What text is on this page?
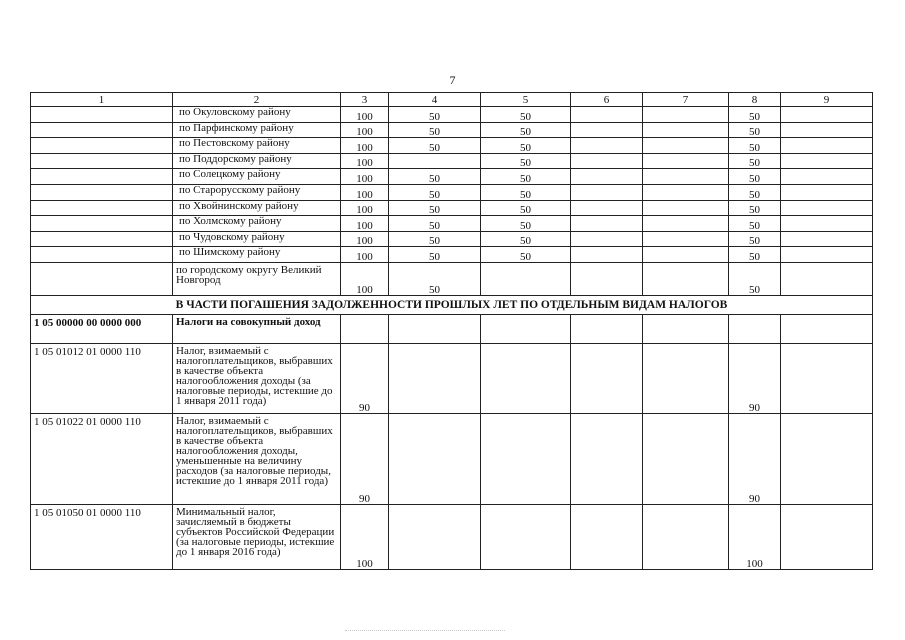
7
1	2	3	4	5	6	7	8	9
	по Окуловскому району	100	50	50			50	
	по Парфинскому району	100	50	50			50	
	по Пестовскому району	100	50	50			50	
	по Поддорскому району	100		50			50	
	по Солецкому району	100	50	50			50	
	по Старорусскому району	100	50	50			50	
	по Хвойнинскому району	100	50	50			50	
	по Холмскому району	100	50	50			50	
	по Чудовскому району	100	50	50			50	
	по Шимскому району	100	50	50			50	
	по городскому округу Великий Новгород	100	50				50	
В ЧАСТИ ПОГАШЕНИЯ ЗАДОЛЖЕННОСТИ ПРОШЛЫХ ЛЕТ ПО ОТДЕЛЬНЫМ ВИДАМ НАЛОГОВ								
1 05 00000 00 0000 000	Налоги на совокупный доход							
1 05 01012 01 0000 110	Налог, взимаемый с налогоплательщиков, выбравших в качестве объекта налогообложения доходы (за налоговые периоды, истекшие до 1 января 2011 года)	90					90	
1 05 01022 01 0000 110	Налог, взимаемый с налогоплательщиков, выбравших в качестве объекта налогообложения доходы, уменьшенные на величину расходов (за налоговые периоды, истекшие до 1 января 2011 года)	90					90	
1 05 01050 01 0000 110	Минимальный налог, зачисляемый в бюджеты субъектов Российской Федерации (за налоговые периоды, истекшие до 1 января 2016 года)	100					100	
